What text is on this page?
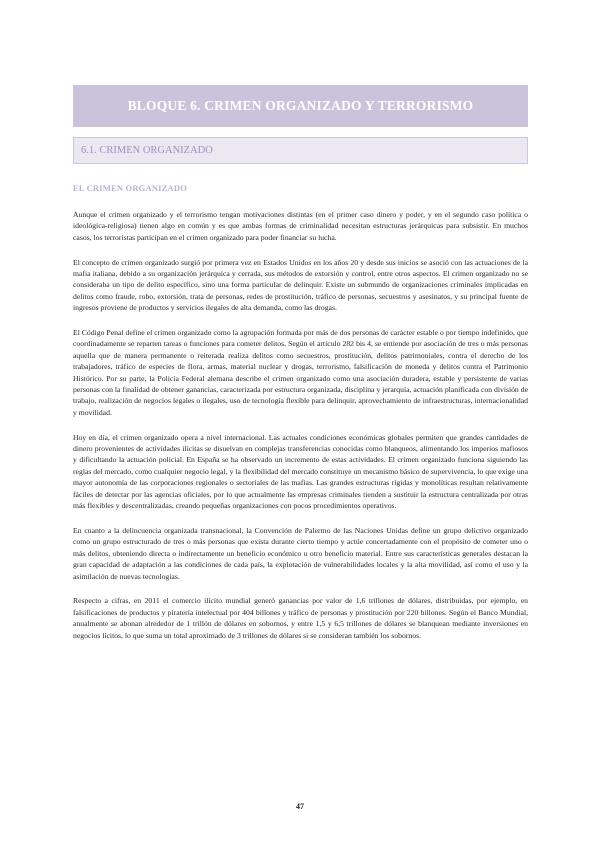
BLOQUE 6. CRIMEN ORGANIZADO Y TERRORISMO
6.1. CRIMEN ORGANIZADO
EL CRIMEN ORGANIZADO

Aunque el crimen organizado y el terrorismo tengan motivaciones distintas (en el primer caso dinero y poder, y en el segundo caso política o ideológica-religiosa) tienen algo en común y es que ambas formas de criminalidad necesitan estructuras jerárquicas para subsistir. En muchos casos, los terroristas participan en el crimen organizado para poder financiar su lucha.

El concepto de crimen organizado surgió por primera vez en Estados Unidos en los años 20 y desde sus inicios se asoció con las actuaciones de la mafia italiana, debido a su organización jerárquica y cerrada, sus métodos de extorsión y control, entre otros aspectos. El crimen organizado no se consideraba un tipo de delito específico, sino una forma particular de delinquir. Existe un submundo de organizaciones criminales implicadas en delitos como fraude, robo, extorsión, trata de personas, redes de prostitución, tráfico de personas, secuestros y asesinatos, y su principal fuente de ingresos proviene de productos y servicios ilegales de alta demanda, como las drogas.

El Código Penal define el crimen organizado como la agrupación formada por más de dos personas de carácter estable o por tiempo indefinido, que coordinadamente se reparten tareas o funciones para cometer delitos. Según el artículo 282 bis 4, se entiende por asociación de tres o más personas aquella que de manera permanente o reiterada realiza delitos como secuestros, prostitución, delitos patrimoniales, contra el derecho de los trabajadores, tráfico de especies de flora, armas, material nuclear y drogas, terrorismo, falsificación de moneda y delitos contra el Patrimonio Histórico. Por su parte, la Policía Federal alemana describe el crimen organizado como una asociación duradera, estable y persistente de varias personas con la finalidad de obtener ganancias, caracterizada por estructura organizada, disciplina y jerarquía, actuación planificada con división de trabajo, realización de negocios legales o ilegales, uso de tecnología flexible para delinquir, aprovechamiento de infraestructuras, internacionalidad y movilidad.

Hoy en día, el crimen organizado opera a nivel internacional. Las actuales condiciones económicas globales permiten que grandes cantidades de dinero provenientes de actividades ilícitas se disuelvan en complejas transferencias conocidas como blanqueos, alimentando los imperios mafiosos y dificultando la actuación policial. En España se ha observado un incremento de estas actividades. El crimen organizado funciona siguiendo las reglas del mercado, como cualquier negocio legal, y la flexibilidad del mercado constituye un mecanismo básico de supervivencia, lo que exige una mayor autonomía de las corporaciones regionales o sectoriales de las mafias. Las grandes estructuras rígidas y monolíticas resultan relativamente fáciles de detectar por las agencias oficiales, por lo que actualmente las empresas criminales tienden a sustituir la estructura centralizada por otras más flexibles y descentralizadas, creando pequeñas organizaciones con pocos procedimientos operativos.

En cuanto a la delincuencia organizada transnacional, la Convención de Palermo de las Naciones Unidas define un grupo delictivo organizado como un grupo estructurado de tres o más personas que exista durante cierto tiempo y actúe concertadamente con el propósito de cometer uno o más delitos, obteniendo directa o indirectamente un beneficio económico u otro beneficio material. Entre sus características generales destacan la gran capacidad de adaptación a las condiciones de cada país, la explotación de vulnerabilidades locales y la alta movilidad, así como el uso y la asimilación de nuevas tecnologías.

Respecto a cifras, en 2011 el comercio ilícito mundial generó ganancias por valor de 1,6 trillones de dólares, distribuidas, por ejemplo, en falsificaciones de productos y piratería intelectual por 404 billones y tráfico de personas y prostitución por 220 billones. Según el Banco Mundial, anualmente se abonan alrededor de 1 trillón de dólares en sobornos, y entre 1,5 y 6,5 trillones de dólares se blanquean mediante inversiones en negocios lícitos, lo que suma un total aproximado de 3 trillones de dólares si se consideran también los sobornos.

47
